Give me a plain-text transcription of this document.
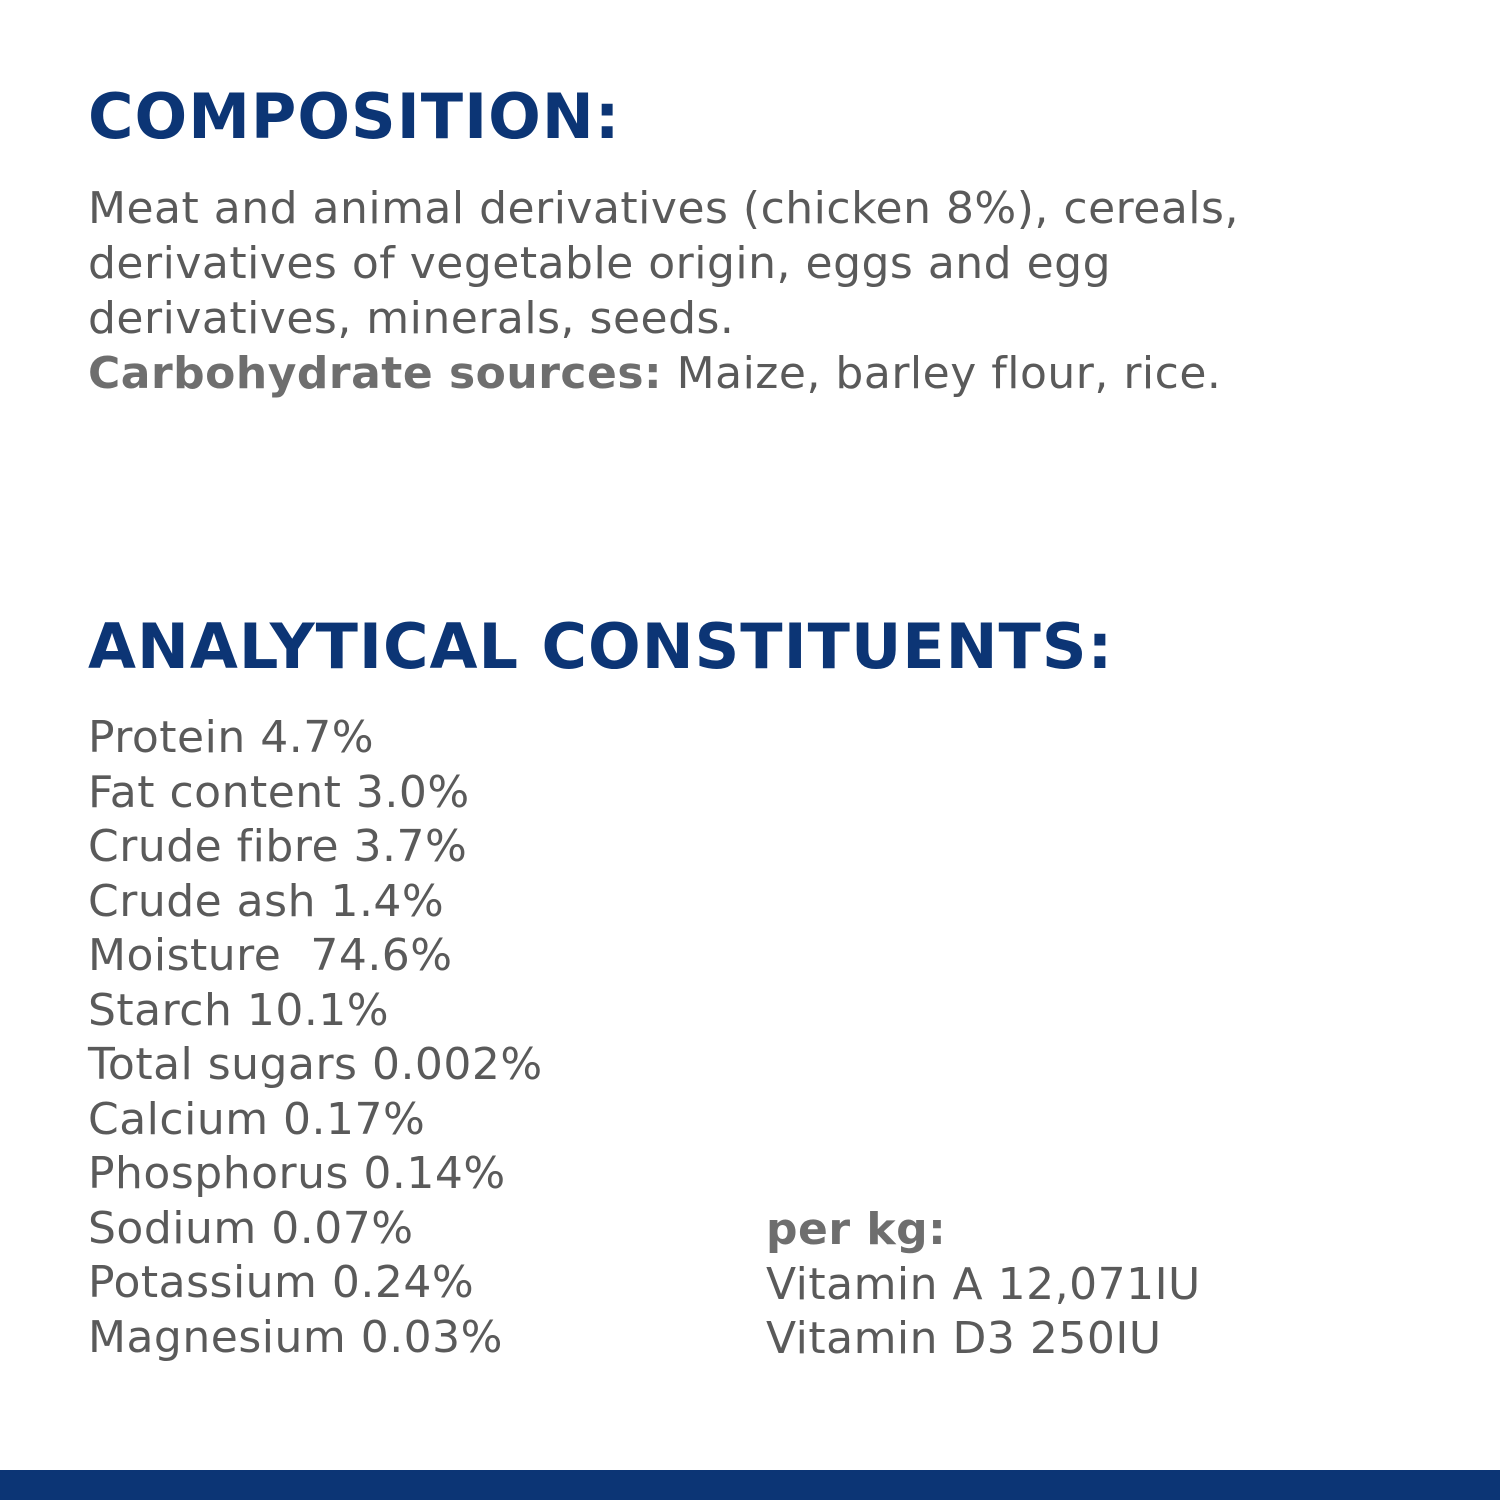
COMPOSITION:

Meat and animal derivatives (chicken 8%), cereals,
derivatives of vegetable origin, eggs and egg
derivatives, minerals, seeds.
Carbohydrate sources: Maize, barley flour, rice.

ANALYTICAL CONSTITUENTS:
Protein 4.7%
Fat content 3.0%
Crude fibre 3.7%
Crude ash 1.4%
Moisture  74.6%
Starch 10.1%
Total sugars 0.002%
Calcium 0.17%
Phosphorus 0.14%
Sodium 0.07%
Potassium 0.24%
Magnesium 0.03%
per kg:
Vitamin A 12,071IU
Vitamin D3 250IU
